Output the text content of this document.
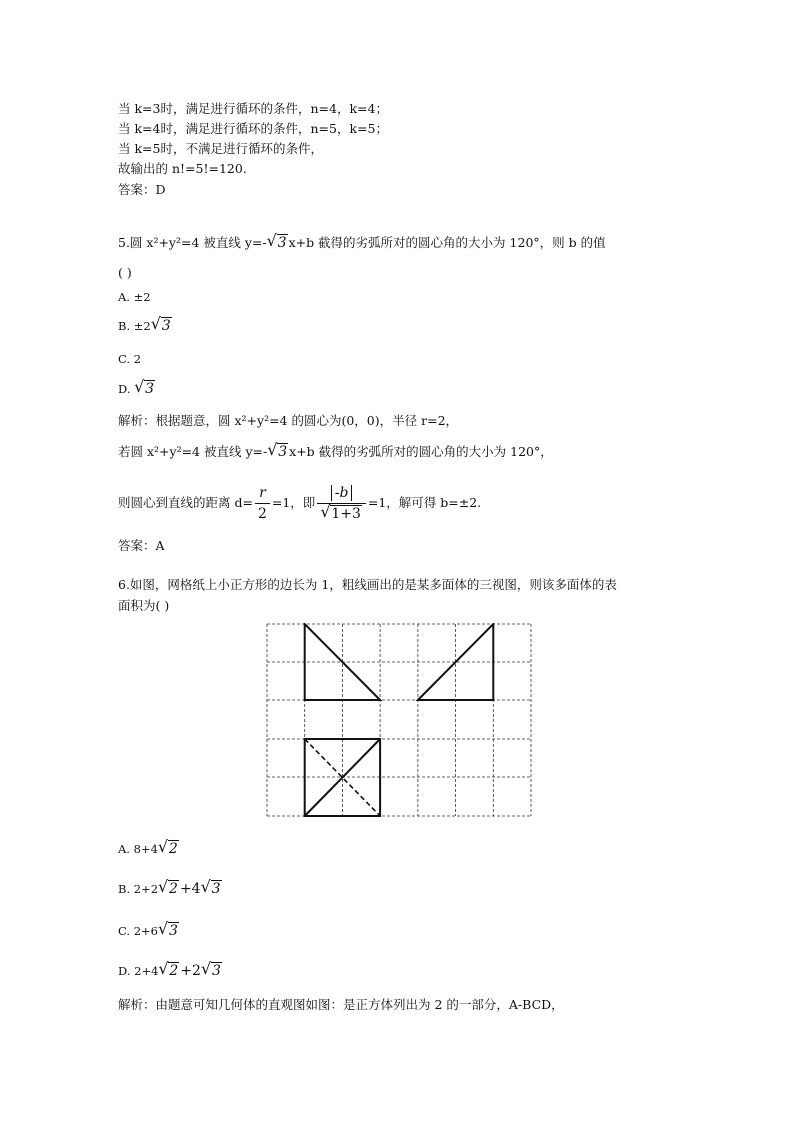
当 k=3时，满足进行循环的条件，n=4，k=4；
当 k=4时，满足进行循环的条件，n=5，k=5；
当 k=5时，不满足进行循环的条件，
故输出的 n!=5!=120.
答案：D
5.圆 x²+y²=4 被直线 y=- √ 3 x+b 截得的劣弧所对的圆心角的大小为 120°，则 b 的值
( )
A. ±2
B. ±2 √ 3
C. 2
D. √ 3
解析：根据题意，圆 x²+y²=4 的圆心为(0，0)，半径 r=2，
若圆 x²+y²=4 被直线 y=- √ 3 x+b 截得的劣弧所对的圆心角的大小为 120°，
则圆心到直线的距离 $d= \frac{r}{2} =1$，即 -b
√ 1+3 =1，解可得 b=±2.
答案：A
6.如图，网格纸上小正方形的边长为 1，粗线画出的是某多面体的三视图，则该多面体的表
面积为( )
A. 8+4 √ 2
B. 2+2 √ 2 +4 √ 3
C. 2+6 √ 3
D. 2+4 √ 2 +2 √ 3
解析：由题意可知几何体的直观图如图：是正方体列出为 2 的一部分，A-BCD，
